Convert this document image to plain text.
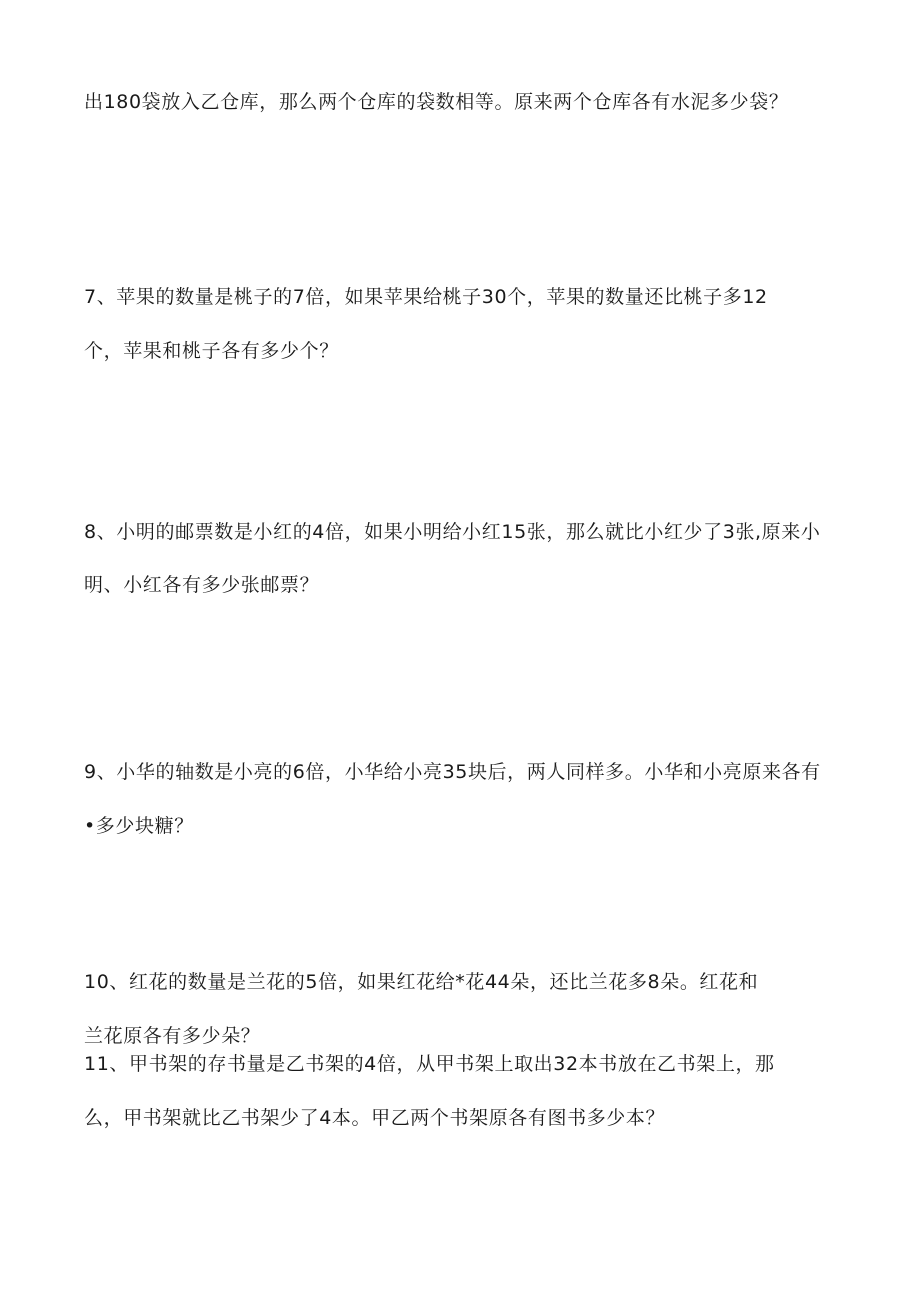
出180袋放入乙仓库，那么两个仓库的袋数相等。原来两个仓库各有水泥多少袋？
7、苹果的数量是桃子的7倍，如果苹果给桃子30个，苹果的数量还比桃子多12
个，苹果和桃子各有多少个？
8、小明的邮票数是小红的4倍，如果小明给小红15张，那么就比小红少了3张,原来小
明、小红各有多少张邮票？
9、小华的轴数是小亮的6倍，小华给小亮35块后，两人同样多。小华和小亮原来各有
•多少块糖？
10、红花的数量是兰花的5倍，如果红花给*花44朵，还比兰花多8朵。红花和
兰花原各有多少朵？
11、甲书架的存书量是乙书架的4倍，从甲书架上取出32本书放在乙书架上，那
么，甲书架就比乙书架少了4本。甲乙两个书架原各有图书多少本？
